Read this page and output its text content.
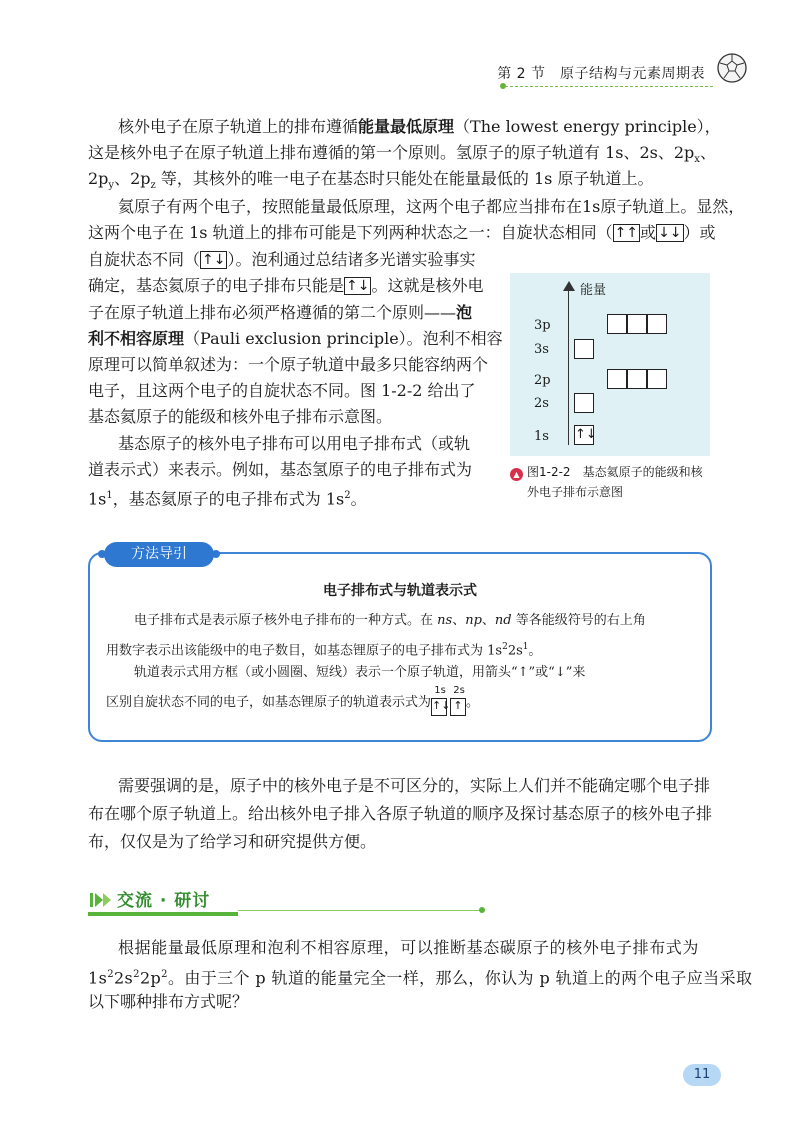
第 2 节　原子结构与元素周期表
核外电子在原子轨道上的排布遵循能量最低原理（The lowest energy principle），
这是核外电子在原子轨道上排布遵循的第一个原则。氢原子的原子轨道有 1s、2s、$2p_x$、
$2p_y$、$2p_z$ 等，其核外的唯一电子在基态时只能处在能量最低的 1s 原子轨道上。
氦原子有两个电子，按照能量最低原理，这两个电子都应当排布在1s原子轨道上。显然，
这两个电子在 1s 轨道上的排布可能是下列两种状态之一：自旋状态相同（ ↑↑ 或 ↓↓ ）或
自旋状态不同（ ↑↓ ）。泡利通过总结诸多光谱实验事实
确定，基态氦原子的电子排布只能是 ↑↓ 。这就是核外电
子在原子轨道上排布必须严格遵循的第二个原则——泡
利不相容原理（Pauli exclusion principle）。泡利不相容
原理可以简单叙述为：一个原子轨道中最多只能容纳两个
电子，且这两个电子的自旋状态不同。图 1-2-2 给出了
基态氦原子的能级和核外电子排布示意图。
基态原子的核外电子排布可以用电子排布式（或轨
道表示式）来表示。例如，基态氢原子的电子排布式为
$1s^1$，基态氦原子的电子排布式为 $1s^2$。
能量
3p
3s
2p
2s
1s ↑↓
▲ 图1-2-2　基态氦原子的能级和核
外电子排布示意图
方法导引
电子排布式与轨道表示式
电子排布式是表示原子核外电子排布的一种方式。在 ns、np、nd 等各能级符号的右上角
用数字表示出该能级中的电子数目，如基态锂原子的电子排布式为 $1s^22s^1$。
轨道表示式用方框（或小圆圈、短线）表示一个原子轨道，用箭头“↑”或“↓”来
区别自旋状态不同的电子，如基态锂原子的轨道表示式为
1s
↑↓
2s
↑ 。
需要强调的是，原子中的核外电子是不可区分的，实际上人们并不能确定哪个电子排
布在哪个原子轨道上。给出核外电子排入各原子轨道的顺序及探讨基态原子的核外电子排
布，仅仅是为了给学习和研究提供方便。
交流 · 研讨
根据能量最低原理和泡利不相容原理，可以推断基态碳原子的核外电子排布式为
$1s^22s^22p^2$。由于三个 p 轨道的能量完全一样，那么，你认为 p 轨道上的两个电子应当采取
以下哪种排布方式呢？
11
